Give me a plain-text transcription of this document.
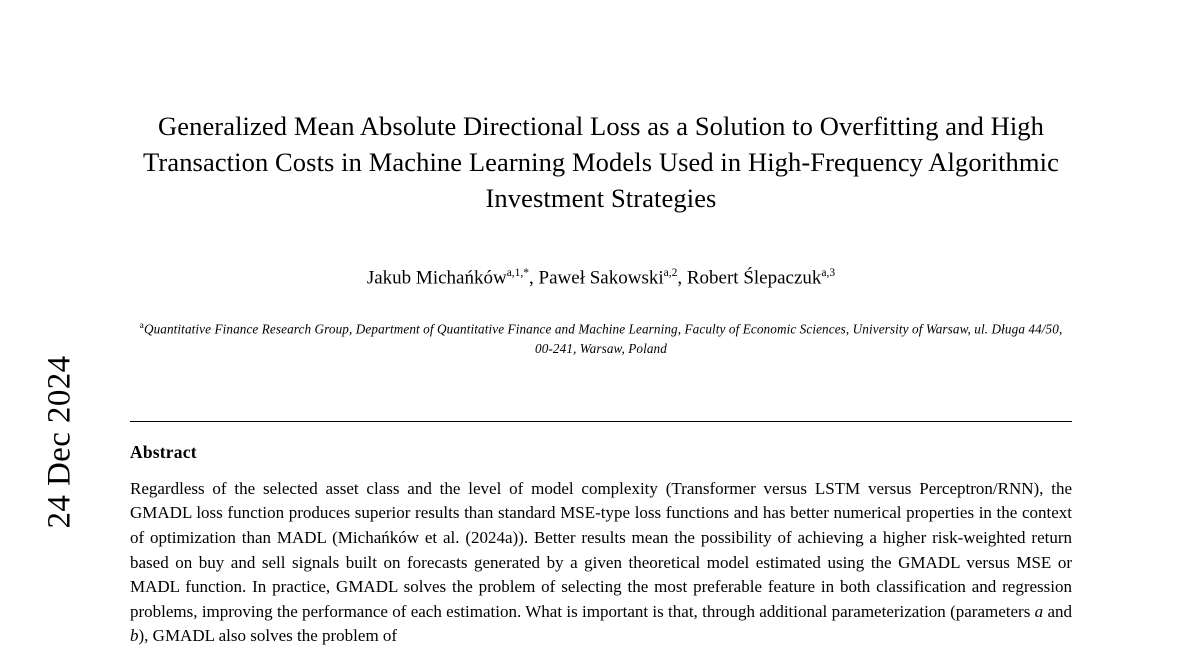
24 Dec 2024
Generalized Mean Absolute Directional Loss as a Solution to Overfitting and High Transaction Costs in Machine Learning Models Used in High-Frequency Algorithmic Investment Strategies
Jakub Michańków$^{a,1,*}$, Paweł Sakowski$^{a,2}$, Robert Ślepaczuk$^{a,3}$
$^a$Quantitative Finance Research Group, Department of Quantitative Finance and Machine Learning, Faculty of Economic Sciences, University of Warsaw, ul. Długa 44/50, 00-241, Warsaw, Poland
Abstract
Regardless of the selected asset class and the level of model complexity (Transformer versus LSTM versus Perceptron/RNN), the GMADL loss function produces superior results than standard MSE-type loss functions and has better numerical properties in the context of optimization than MADL (Michańków et al. (2024a)). Better results mean the possibility of achieving a higher risk-weighted return based on buy and sell signals built on forecasts generated by a given theoretical model estimated using the GMADL versus MSE or MADL function. In practice, GMADL solves the problem of selecting the most preferable feature in both classification and regression problems, improving the performance of each estimation. What is important is that, through additional parameterization (parameters a and b), GMADL also solves the problem of
